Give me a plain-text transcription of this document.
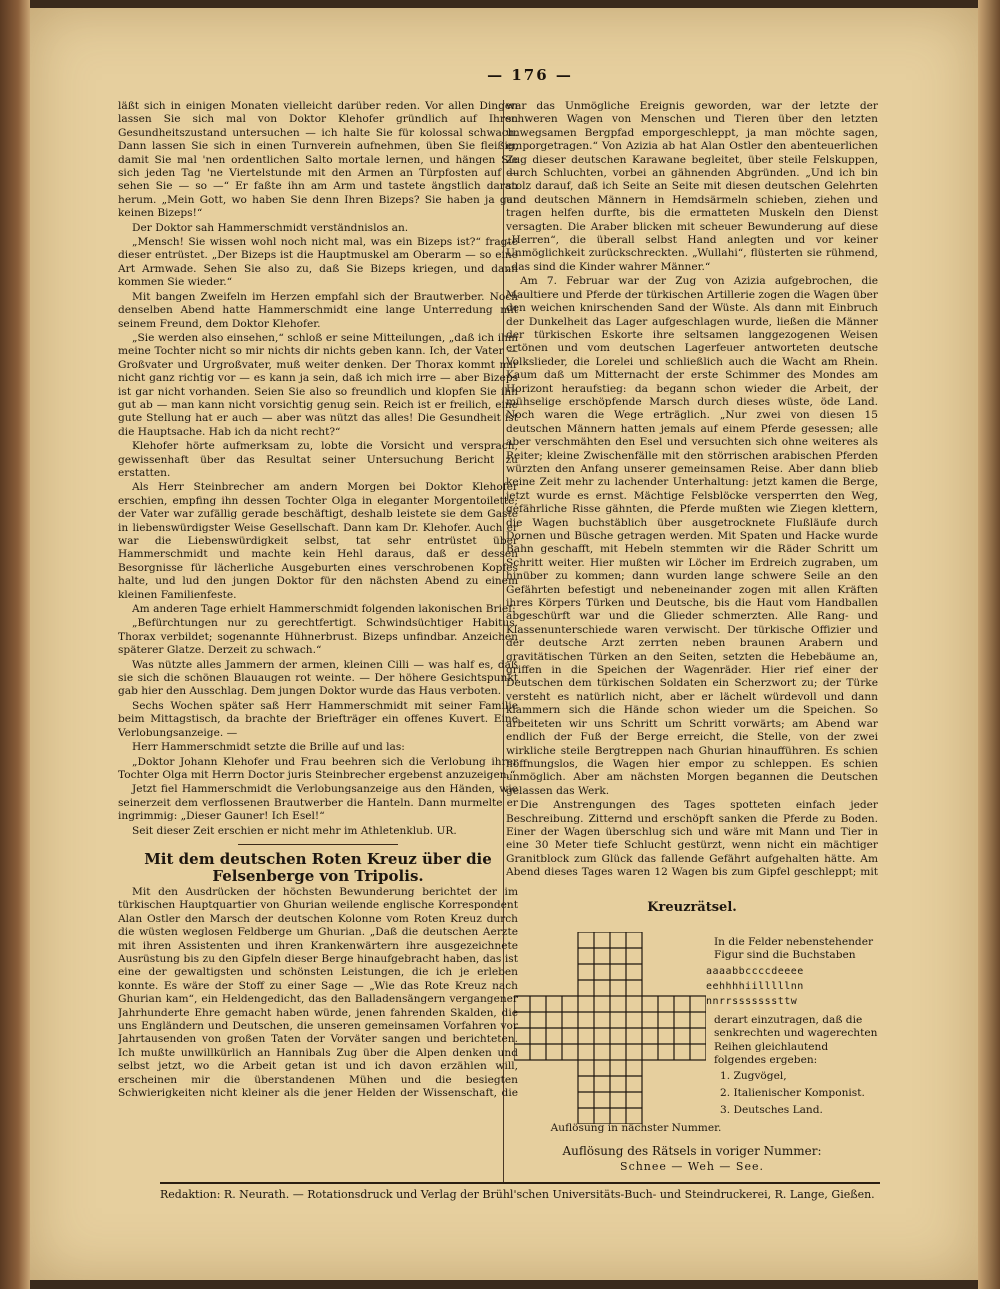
— 176 —

läßt sich in einigen Monaten vielleicht darüber reden. Vor allen Dingen lassen Sie sich mal von Doktor Klehofer gründlich auf Ihren Gesundheitszustand untersuchen — ich halte Sie für kolossal schwach. Dann lassen Sie sich in einen Turnverein aufnehmen, üben Sie fleißig, damit Sie mal 'nen ordentlichen Salto mortale lernen, und hängen Sie sich jeden Tag 'ne Viertelstunde mit den Armen an Türpfosten auf — sehen Sie — so —“ Er faßte ihn am Arm und tastete ängstlich daran herum. „Mein Gott, wo haben Sie denn Ihren Bizeps? Sie haben ja gar keinen Bizeps!“

Der Doktor sah Hammerschmidt verständnislos an.

„Mensch! Sie wissen wohl noch nicht mal, was ein Bizeps ist?“ fragte dieser entrüstet. „Der Bizeps ist die Hauptmuskel am Oberarm — so eine Art Armwade. Sehen Sie also zu, daß Sie Bizeps kriegen, und dann kommen Sie wieder.“

Mit bangen Zweifeln im Herzen empfahl sich der Brautwerber. Noch denselben Abend hatte Hammerschmidt eine lange Unterredung mit seinem Freund, dem Doktor Klehofer.

„Sie werden also einsehen,“ schloß er seine Mitteilungen, „daß ich ihm meine Tochter nicht so mir nichts dir nichts geben kann. Ich, der Vater — Großvater und Urgroßvater, muß weiter denken. Der Thorax kommt mir nicht ganz richtig vor — es kann ja sein, daß ich mich irre — aber Bizeps ist gar nicht vorhanden. Seien Sie also so freundlich und klopfen Sie ihn gut ab — man kann nicht vorsichtig genug sein. Reich ist er freilich, eine gute Stellung hat er auch — aber was nützt das alles! Die Gesundheit ist die Hauptsache. Hab ich da nicht recht?“

Klehofer hörte aufmerksam zu, lobte die Vorsicht und versprach, gewissenhaft über das Resultat seiner Untersuchung Bericht zu erstatten.

Als Herr Steinbrecher am andern Morgen bei Doktor Klehofer erschien, empfing ihn dessen Tochter Olga in eleganter Morgentoilette; der Vater war zufällig gerade beschäftigt, deshalb leistete sie dem Gaste in liebenswürdigster Weise Gesellschaft. Dann kam Dr. Klehofer. Auch er war die Liebenswürdigkeit selbst, tat sehr entrüstet über Hammerschmidt und machte kein Hehl daraus, daß er dessen Besorgnisse für lächerliche Ausgeburten eines verschrobenen Kopfes halte, und lud den jungen Doktor für den nächsten Abend zu einem kleinen Familienfeste.

Am anderen Tage erhielt Hammerschmidt folgenden lakonischen Brief:

„Befürchtungen nur zu gerechtfertigt. Schwindsüchtiger Habitus. Thorax verbildet; sogenannte Hühnerbrust. Bizeps unfindbar. Anzeichen späterer Glatze. Derzeit zu schwach.“

Was nützte alles Jammern der armen, kleinen Cilli — was half es, daß sie sich die schönen Blauaugen rot weinte. — Der höhere Gesichtspunkt gab hier den Ausschlag. Dem jungen Doktor wurde das Haus verboten.

Sechs Wochen später saß Herr Hammerschmidt mit seiner Familie beim Mittagstisch, da brachte der Briefträger ein offenes Kuvert. Eine Verlobungsanzeige. —

Herr Hammerschmidt setzte die Brille auf und las:

„Doktor Johann Klehofer und Frau beehren sich die Verlobung ihrer Tochter Olga mit Herrn Doctor juris Steinbrecher ergebenst anzuzeigen.“

Jetzt fiel Hammerschmidt die Verlobungsanzeige aus den Händen, wie seinerzeit dem verflossenen Brautwerber die Hanteln. Dann murmelte er ingrimmig: „Dieser Gauner! Ich Esel!“

Seit dieser Zeit erschien er nicht mehr im Athletenklub. UR.

Mit dem deutschen Roten Kreuz über die Felsenberge von Tripolis.

Mit den Ausdrücken der höchsten Bewunderung berichtet der im türkischen Hauptquartier von Ghurian weilende englische Korrespondent Alan Ostler den Marsch der deutschen Kolonne vom Roten Kreuz durch die wüsten weglosen Feldberge um Ghurian. „Daß die deutschen Aerzte mit ihren Assistenten und ihren Krankenwärtern ihre ausgezeichnete Ausrüstung bis zu den Gipfeln dieser Berge hinaufgebracht haben, das ist eine der gewaltigsten und schönsten Leistungen, die ich je erleben konnte. Es wäre der Stoff zu einer Sage — „Wie das Rote Kreuz nach Ghurian kam“, ein Heldengedicht, das den Balladensängern vergangener Jahrhunderte Ehre gemacht haben würde, jenen fahrenden Skalden, die uns Engländern und Deutschen, die unseren gemeinsamen Vorfahren vor Jahrtausenden von großen Taten der Vorväter sangen und berichteten. Ich mußte unwillkürlich an Hannibals Zug über die Alpen denken und selbst jetzt, wo die Arbeit getan ist und ich davon erzählen will, erscheinen mir die überstandenen Mühen und die besiegten Schwierigkeiten nicht kleiner als die jener Helden der Wissenschaft, die

war das Unmögliche Ereignis geworden, war der letzte der schweren Wagen von Menschen und Tieren über den letzten unwegsamen Bergpfad emporgeschleppt, ja man möchte sagen, emporgetragen.“ Von Azizia ab hat Alan Ostler den abenteuerlichen Zug dieser deutschen Karawane begleitet, über steile Felskuppen, durch Schluchten, vorbei an gähnenden Abgründen. „Und ich bin stolz darauf, daß ich Seite an Seite mit diesen deutschen Gelehrten und deutschen Männern in Hemdsärmeln schieben, ziehen und tragen helfen durfte, bis die ermatteten Muskeln den Dienst versagten. Die Araber blicken mit scheuer Bewunderung auf diese „Herren“, die überall selbst Hand anlegten und vor keiner Unmöglichkeit zurückschreckten. „Wullahi“, flüsterten sie rühmend, „das sind die Kinder wahrer Männer.“

Am 7. Februar war der Zug von Azizia aufgebrochen, die Maultiere und Pferde der türkischen Artillerie zogen die Wagen über den weichen knirschenden Sand der Wüste. Als dann mit Einbruch der Dunkelheit das Lager aufgeschlagen wurde, ließen die Männer der türkischen Eskorte ihre seltsamen langgezogenen Weisen ertönen und vom deutschen Lagerfeuer antworteten deutsche Volkslieder, die Lorelei und schließlich auch die Wacht am Rhein. Kaum daß um Mitternacht der erste Schimmer des Mondes am Horizont heraufstieg: da begann schon wieder die Arbeit, der mühselige erschöpfende Marsch durch dieses wüste, öde Land. Noch waren die Wege erträglich. „Nur zwei von diesen 15 deutschen Männern hatten jemals auf einem Pferde gesessen; alle aber verschmähten den Esel und versuchten sich ohne weiteres als Reiter; kleine Zwischenfälle mit den störrischen arabischen Pferden würzten den Anfang unserer gemeinsamen Reise. Aber dann blieb keine Zeit mehr zu lachender Unterhaltung: jetzt kamen die Berge, jetzt wurde es ernst. Mächtige Felsblöcke versperrten den Weg, gefährliche Risse gähnten, die Pferde mußten wie Ziegen klettern, die Wagen buchstäblich über ausgetrocknete Flußläufe durch Dornen und Büsche getragen werden. Mit Spaten und Hacke wurde Bahn geschafft, mit Hebeln stemmten wir die Räder Schritt um Schritt weiter. Hier mußten wir Löcher im Erdreich zugraben, um hinüber zu kommen; dann wurden lange schwere Seile an den Gefährten befestigt und nebeneinander zogen mit allen Kräften ihres Körpers Türken und Deutsche, bis die Haut vom Handballen abgeschürft war und die Glieder schmerzten. Alle Rang- und Klassenunterschiede waren verwischt. Der türkische Offizier und der deutsche Arzt zerrten neben braunen Arabern und gravitätischen Türken an den Seiten, setzten die Hebebäume an, griffen in die Speichen der Wagenräder. Hier rief einer der Deutschen dem türkischen Soldaten ein Scherzwort zu; der Türke versteht es natürlich nicht, aber er lächelt würdevoll und dann klammern sich die Hände schon wieder um die Speichen. So arbeiteten wir uns Schritt um Schritt vorwärts; am Abend war endlich der Fuß der Berge erreicht, die Stelle, von der zwei wirkliche steile Bergtreppen nach Ghurian hinaufführen. Es schien hoffnungslos, die Wagen hier empor zu schleppen. Es schien unmöglich. Aber am nächsten Morgen begannen die Deutschen gelassen das Werk.

Die Anstrengungen des Tages spotteten einfach jeder Beschreibung. Zitternd und erschöpft sanken die Pferde zu Boden. Einer der Wagen überschlug sich und wäre mit Mann und Tier in eine 30 Meter tiefe Schlucht gestürzt, wenn nicht ein mächtiger Granitblock zum Glück das fallende Gefährt aufgehalten hätte. Am Abend dieses Tages waren 12 Wagen bis zum Gipfel geschleppt; mit

Kreuzrätsel.
In die Felder nebenstehender Figur sind die Buchstaben
aaaabbccccdeeee
eehhhhiilllllnn
nnrrsssssssttw
derart einzutragen, daß die senkrechten und wagerechten Reihen gleichlautend folgendes ergeben:
1. Zugvögel,
2. Italienischer Komponist.
3. Deutsches Land.
Auflösung in nächster Nummer.
Auflösung des Rätsels in voriger Nummer:
Schnee — Weh — See.
Redaktion: R. Neurath. — Rotationsdruck und Verlag der Brühl'schen Universitäts-Buch- und Steindruckerei, R. Lange, Gießen.
